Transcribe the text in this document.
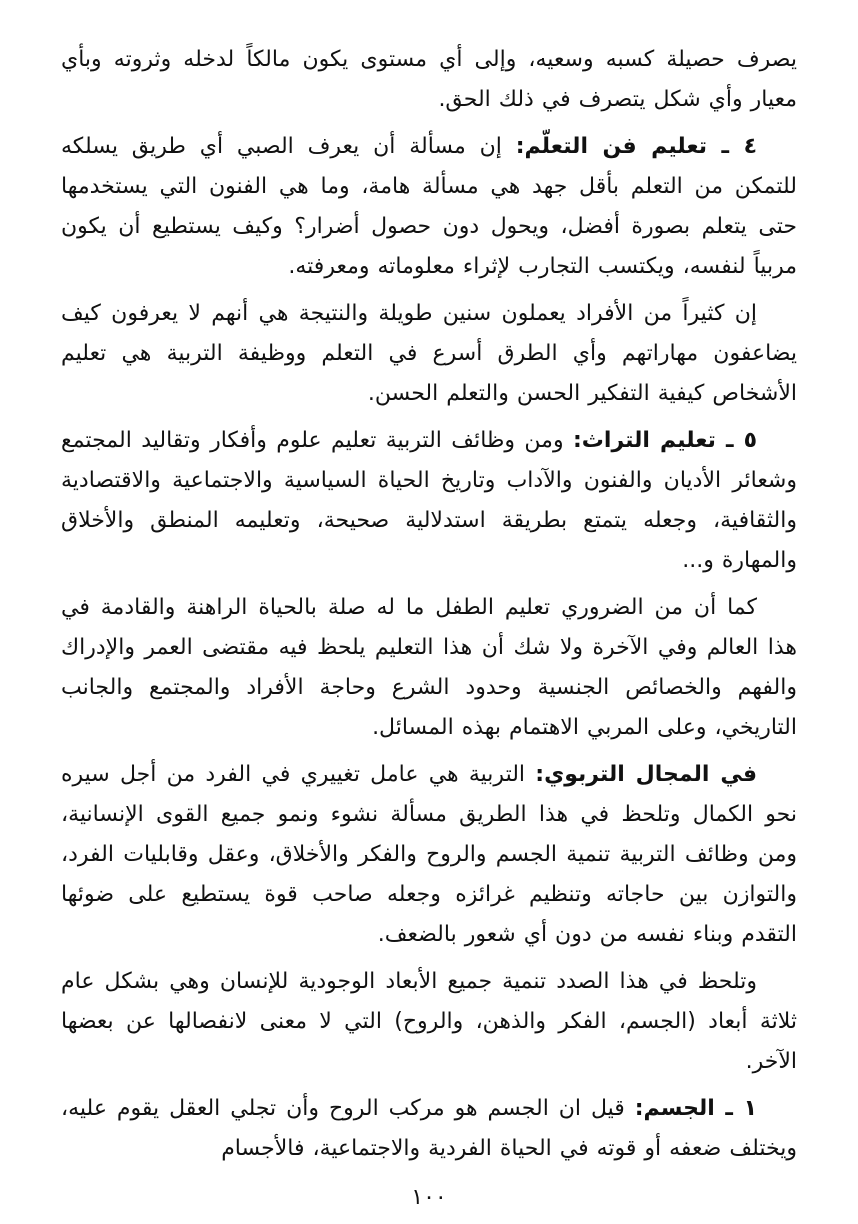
يصرف حصيلة كسبه وسعيه، وإلى أي مستوى يكون مالكاً لدخله وثروته وبأي معيار وأي شكل يتصرف في ذلك الحق.

٤ ـ تعليم فن التعلّم: إن مسألة أن يعرف الصبي أي طريق يسلكه للتمكن من التعلم بأقل جهد هي مسألة هامة، وما هي الفنون التي يستخدمها حتى يتعلم بصورة أفضل، ويحول دون حصول أضرار؟ وكيف يستطيع أن يكون مربياً لنفسه، ويكتسب التجارب لإثراء معلوماته ومعرفته.

إن كثيراً من الأفراد يعملون سنين طويلة والنتيجة هي أنهم لا يعرفون كيف يضاعفون مهاراتهم وأي الطرق أسرع في التعلم ووظيفة التربية هي تعليم الأشخاص كيفية التفكير الحسن والتعلم الحسن.

٥ ـ تعليم التراث: ومن وظائف التربية تعليم علوم وأفكار وتقاليد المجتمع وشعائر الأديان والفنون والآداب وتاريخ الحياة السياسية والاجتماعية والاقتصادية والثقافية، وجعله يتمتع بطريقة استدلالية صحيحة، وتعليمه المنطق والأخلاق والمهارة و...

كما أن من الضروري تعليم الطفل ما له صلة بالحياة الراهنة والقادمة في هذا العالم وفي الآخرة ولا شك أن هذا التعليم يلحظ فيه مقتضى العمر والإدراك والفهم والخصائص الجنسية وحدود الشرع وحاجة الأفراد والمجتمع والجانب التاريخي، وعلى المربي الاهتمام بهذه المسائل.

في المجال التربوي: التربية هي عامل تغييري في الفرد من أجل سيره نحو الكمال وتلحظ في هذا الطريق مسألة نشوء ونمو جميع القوى الإنسانية، ومن وظائف التربية تنمية الجسم والروح والفكر والأخلاق، وعقل وقابليات الفرد، والتوازن بين حاجاته وتنظيم غرائزه وجعله صاحب قوة يستطيع على ضوئها التقدم وبناء نفسه من دون أي شعور بالضعف.

وتلحظ في هذا الصدد تنمية جميع الأبعاد الوجودية للإنسان وهي بشكل عام ثلاثة أبعاد (الجسم، الفكر والذهن، والروح) التي لا معنى لانفصالها عن بعضها الآخر.

١ ـ الجسم: قيل ان الجسم هو مركب الروح وأن تجلي العقل يقوم عليه، ويختلف ضعفه أو قوته في الحياة الفردية والاجتماعية، فالأجسام

١٠٠
